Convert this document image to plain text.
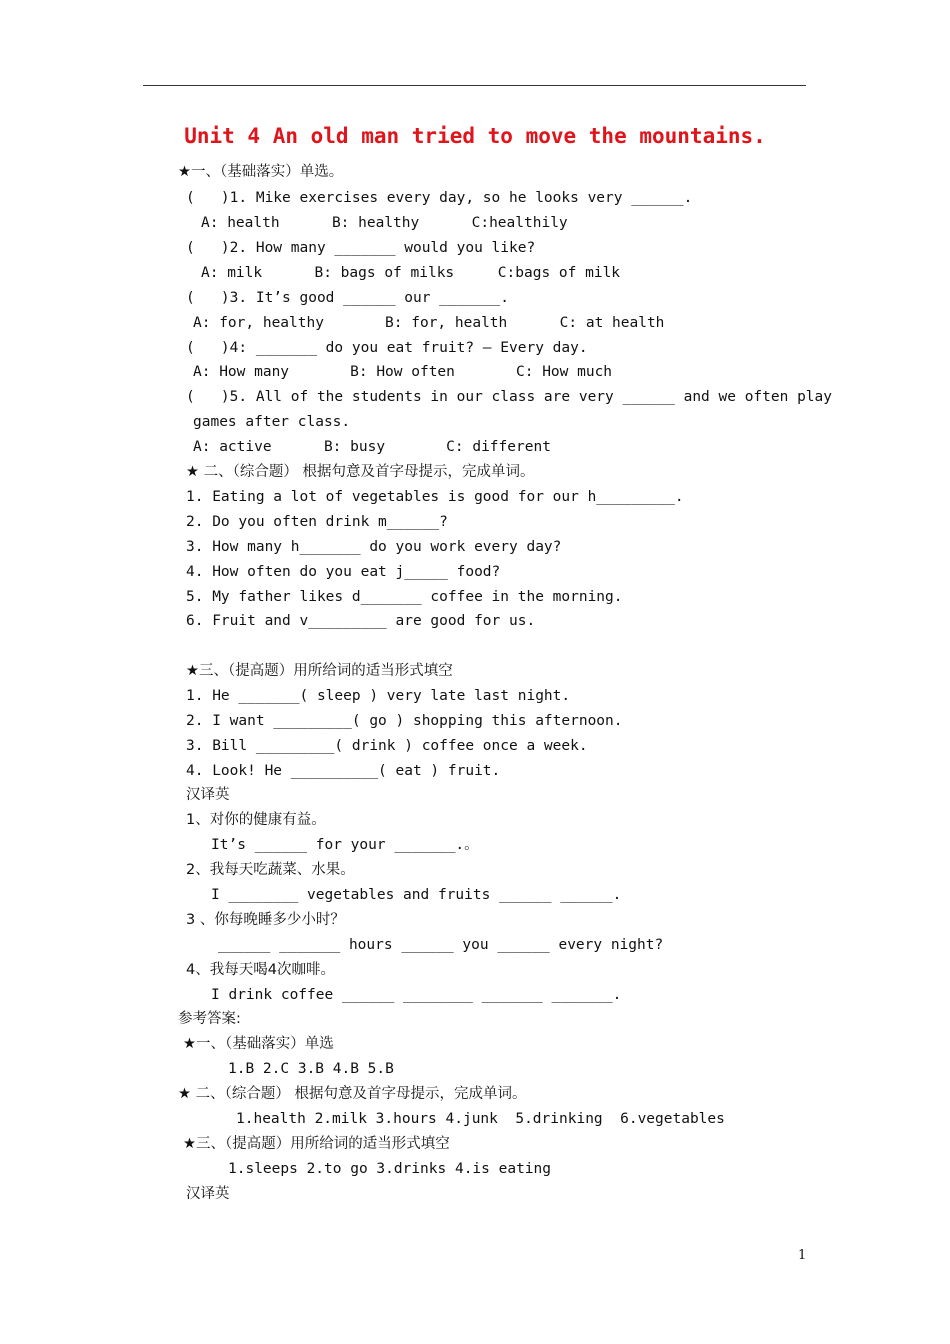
Unit 4 An old man tried to move the mountains.
★一、（基础落实）单选。
(   )1. Mike exercises every day, so he looks very ______.
A: health      B: healthy      C:healthily
(   )2. How many _______ would you like?
A: milk      B: bags of milks     C:bags of milk
(   )3. It’s good ______ our _______.
A: for, healthy       B: for, health      C: at health
(   )4: _______ do you eat fruit? – Every day.
A: How many       B: How often       C: How much
(   )5. All of the students in our class are very ______ and we often play
games after class.
A: active      B: busy       C: different
★ 二、（综合题） 根据句意及首字母提示，完成单词。
1. Eating a lot of vegetables is good for our h_________.
2. Do you often drink m______?
3. How many h_______ do you work every day?
4. How often do you eat j_____ food?
5. My father likes d_______ coffee in the morning.
6. Fruit and v_________ are good for us.
★三、（提高题）用所给词的适当形式填空
1. He _______( sleep ) very late last night.
2. I want _________( go ) shopping this afternoon.
3. Bill _________( drink ) coffee once a week.
4. Look! He __________( eat ) fruit.
汉译英
1、对你的健康有益。
It’s ______ for your _______.。
2、我每天吃蔬菜、水果。
I ________ vegetables and fruits ______ ______.
3 、你每晚睡多少小时？
______ _______ hours ______ you ______ every night?
4、我每天喝4次咖啡。
I drink coffee ______ ________ _______ _______.
参考答案:
★一、（基础落实）单选
1.B 2.C 3.B 4.B 5.B
★ 二、（综合题） 根据句意及首字母提示，完成单词。
1.health 2.milk 3.hours 4.junk  5.drinking  6.vegetables
★三、（提高题）用所给词的适当形式填空
1.sleeps 2.to go 3.drinks 4.is eating
汉译英
1
